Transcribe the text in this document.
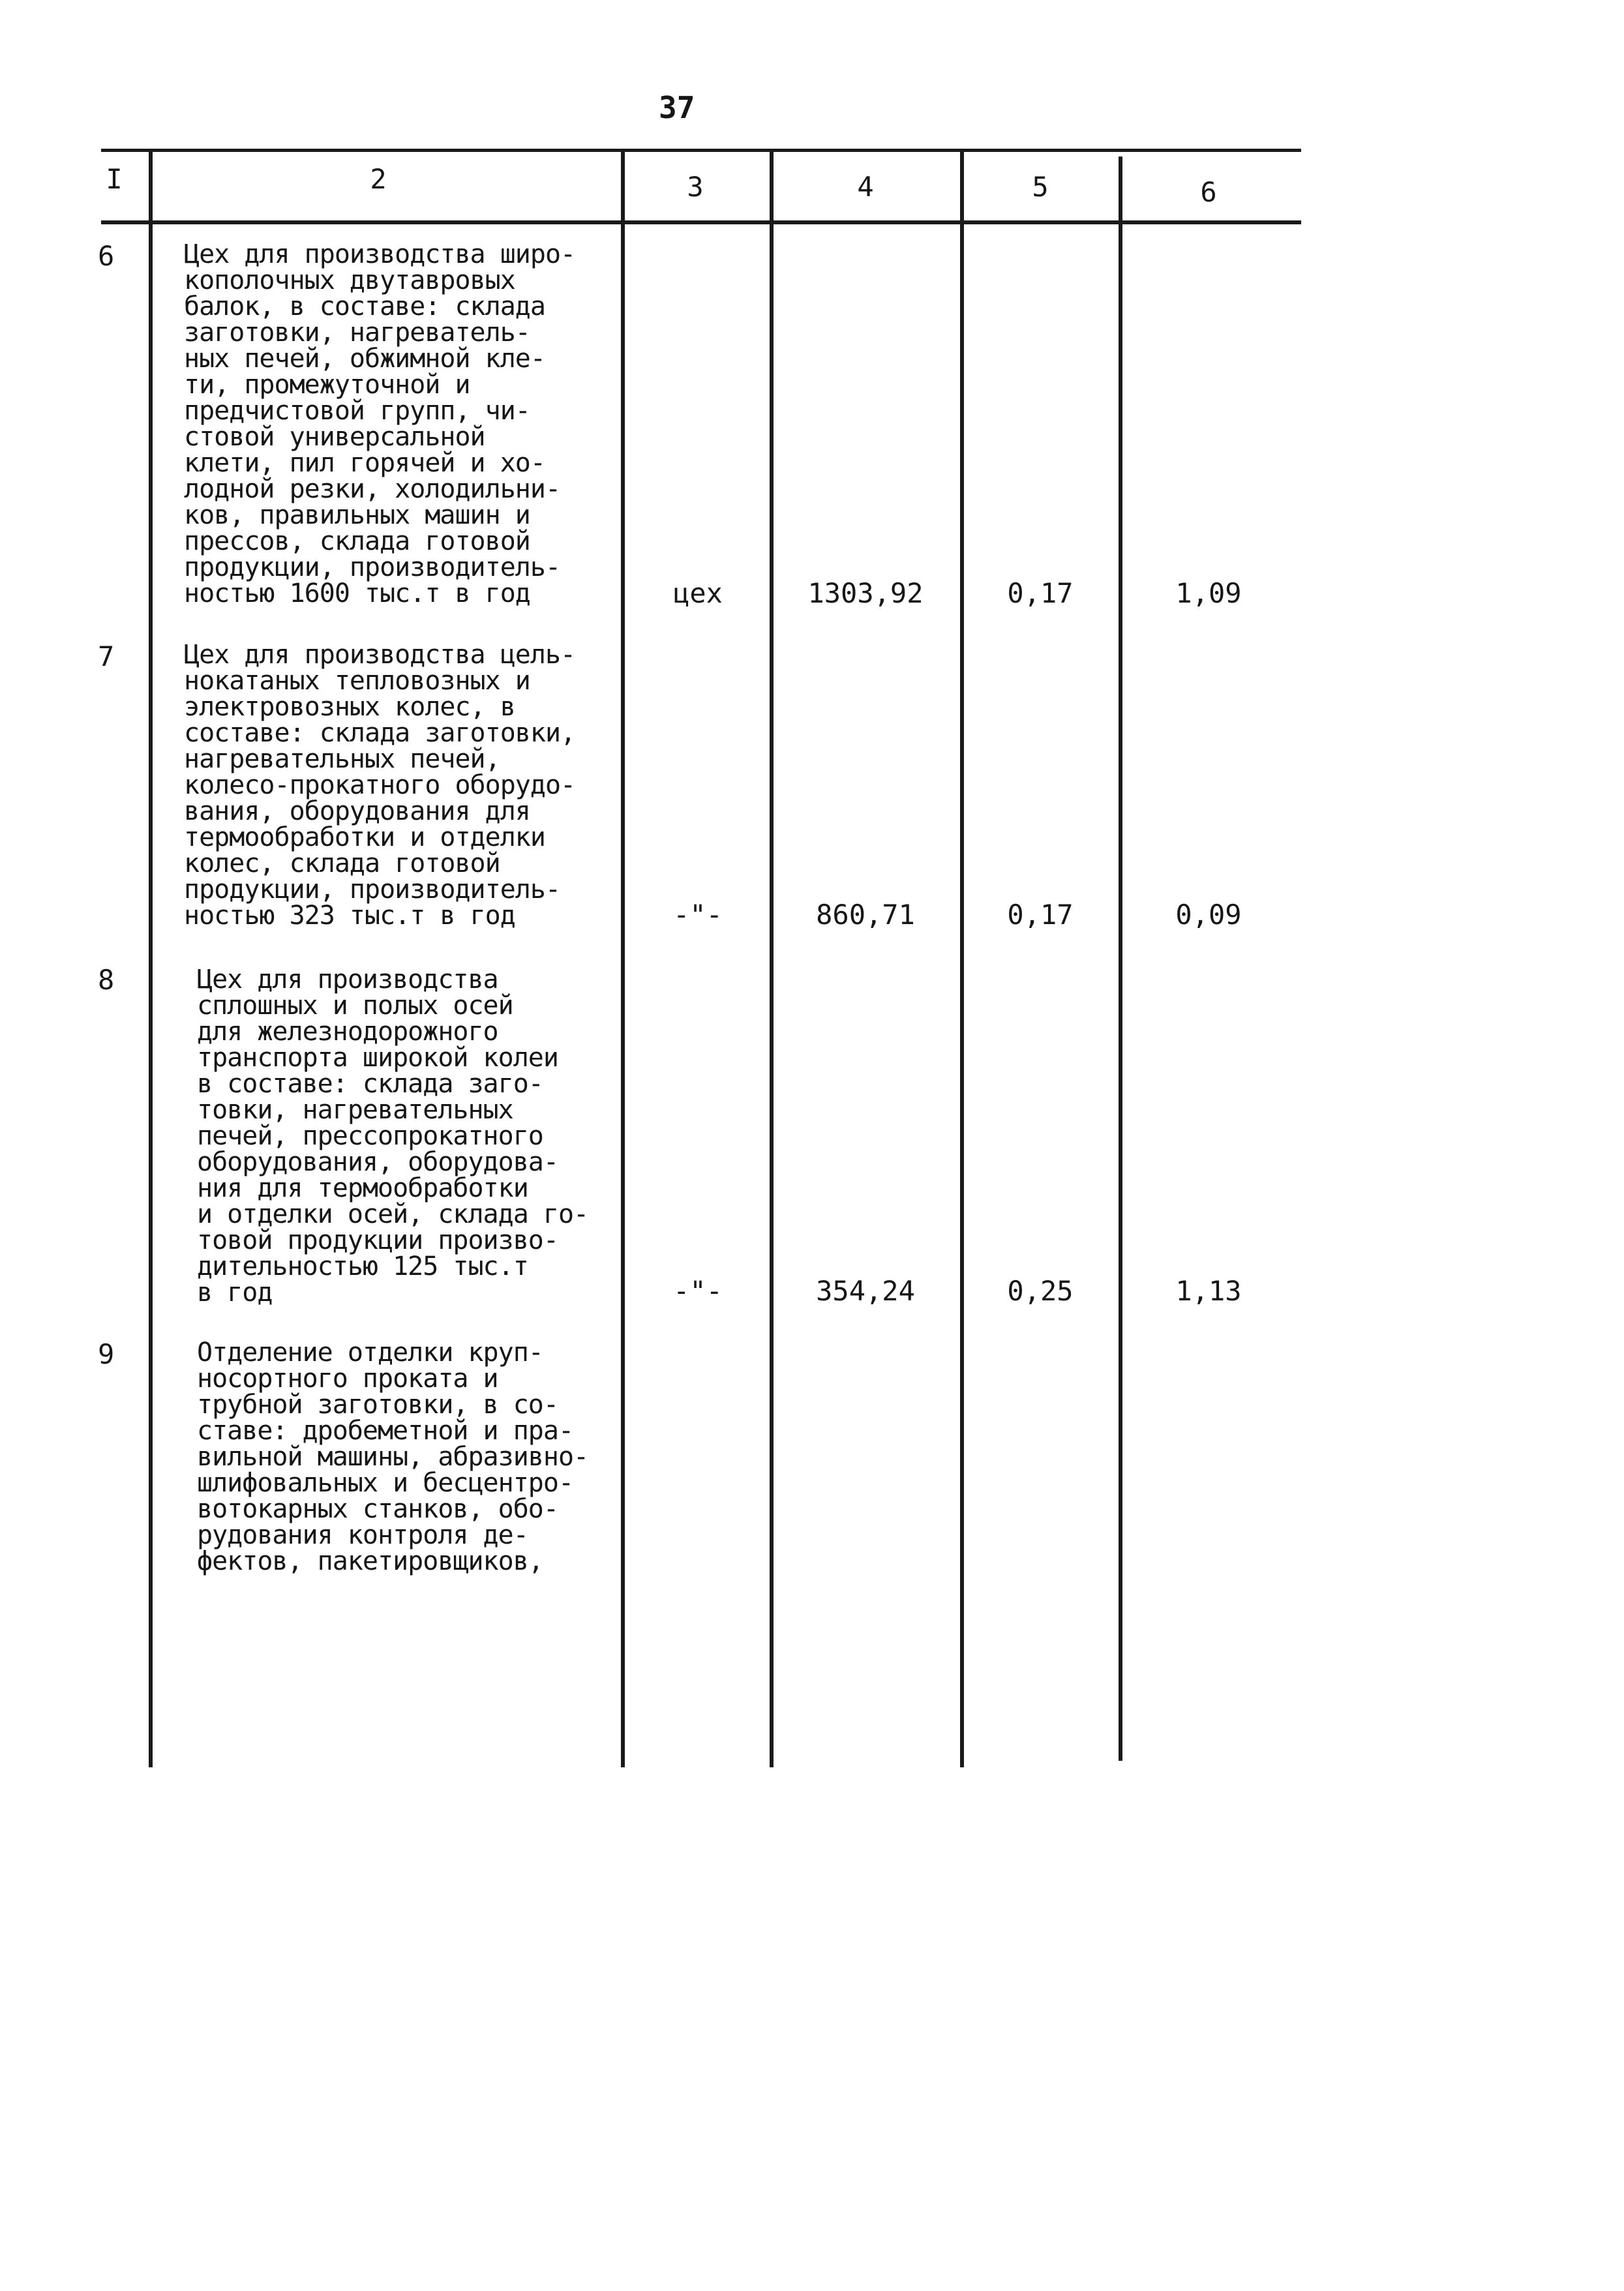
37
I	2	3	4	5	6
6	Цех для производства широ-
кополочных двутавровых
балок, в составе: склада
заготовки, нагреватель-
ных печей, обжимной кле-
ти, промежуточной и
предчистовой групп, чи-
стовой универсальной
клети, пил горячей и хо-
лодной резки, холодильни-
ков, правильных машин и
прессов, склада готовой
продукции, производитель-
ностью 1600 тыс.т в год	цех	1303,92	0,17	1,09
7	Цех для производства цель-
нокатаных тепловозных и
электровозных колес, в
составе: склада заготовки,
нагревательных печей,
колесо-прокатного оборудо-
вания, оборудования для
термообработки и отделки
колес, склада готовой
продукции, производитель-
ностью 323 тыс.т в год	-"-	860,71	0,17	0,09
8	Цех для производства
сплошных и полых осей
для железнодорожного
транспорта широкой колеи
в составе: склада заго-
товки, нагревательных
печей, прессопрокатного
оборудования, оборудова-
ния для термообработки
и отделки осей, склада го-
товой продукции произво-
дительностью 125 тыс.т
в год	-"-	354,24	0,25	1,13
9	Отделение отделки круп-
носортного проката и
трубной заготовки, в со-
ставе: дробеметной и пра-
вильной машины, абразивно-
шлифовальных и бесцентро-
вотокарных станков, обо-
рудования контроля де-
фектов, пакетировщиков,
